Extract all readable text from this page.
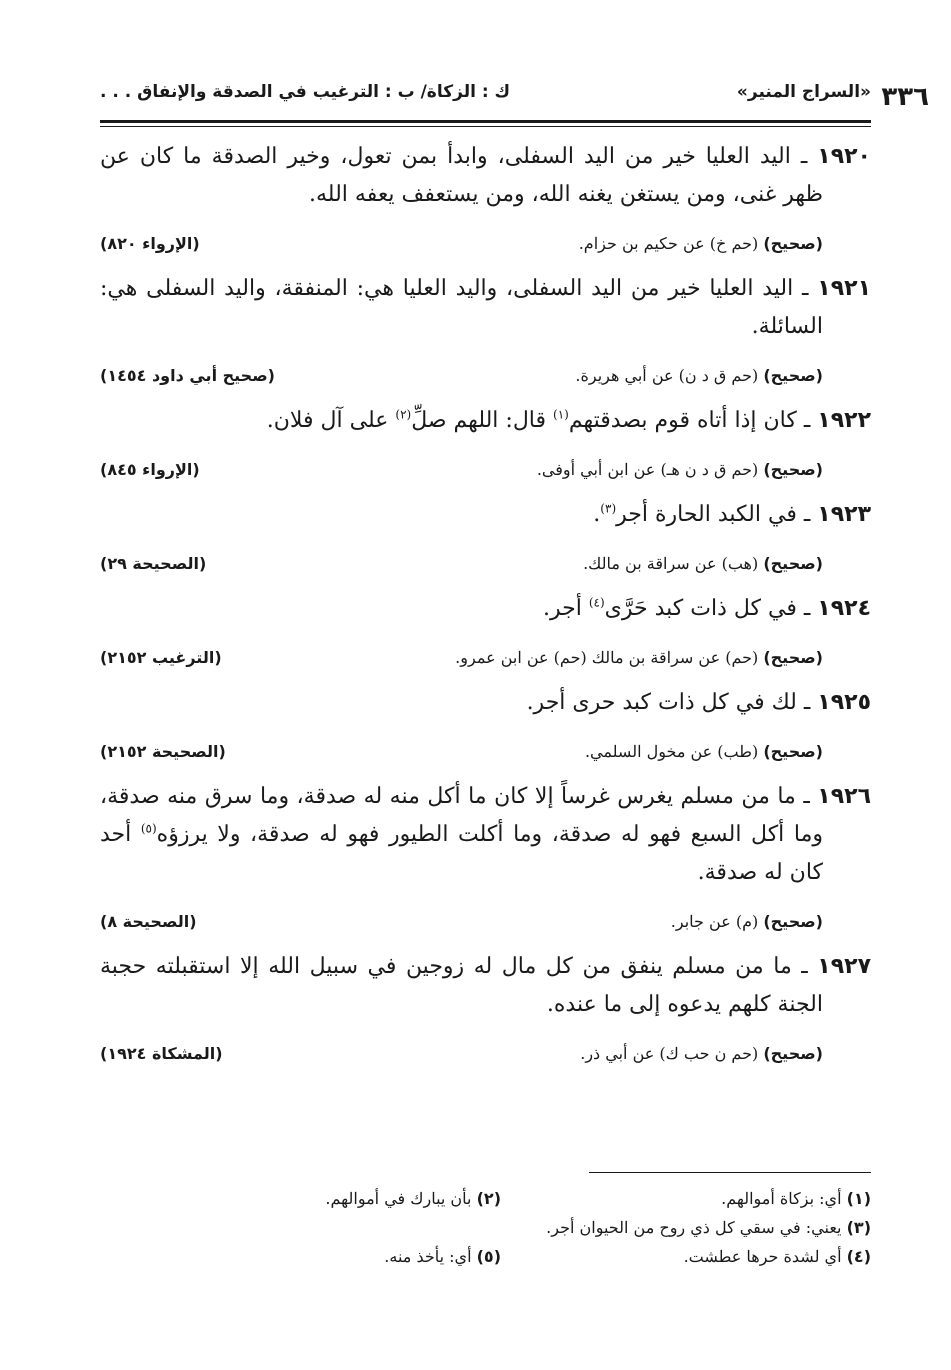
٣٣٦
«السراج المنير»
ك : الزكاة/ ب : الترغيب في الصدقة والإنفاق . . .

١٩٢٠ ـ اليد العليا خير من اليد السفلى، وابدأ بمن تعول، وخير الصدقة ما كان عن ظهر غنى، ومن يستغن يغنه الله، ومن يستعفف يعفه الله.

(صحيح) (حم خ) عن حكيم بن حزام.
(الإرواء ٨٢٠)

١٩٢١ ـ اليد العليا خير من اليد السفلى، واليد العليا هي: المنفقة، واليد السفلى هي: السائلة.

(صحيح) (حم ق د ن) عن أبي هريرة.
(صحيح أبي داود ١٤٥٤)

١٩٢٢ ـ كان إذا أتاه قوم بصدقتهم$^{(١)}$ قال: اللهم صلِّ$^{(٢)}$ على آل فلان.

(صحيح) (حم ق د ن هـ) عن ابن أبي أوفى.
(الإرواء ٨٤٥)

١٩٢٣ ـ في الكبد الحارة أجر$^{(٣)}$.

(صحيح) (هب) عن سراقة بن مالك.
(الصحيحة ٢٩)

١٩٢٤ ـ في كل ذات كبد حَرَّى$^{(٤)}$ أجر.

(صحيح) (حم) عن سراقة بن مالك (حم) عن ابن عمرو.
(الترغيب ٢١٥٢)

١٩٢٥ ـ لك في كل ذات كبد حرى أجر.

(صحيح) (طب) عن مخول السلمي.
(الصحيحة ٢١٥٢)

١٩٢٦ ـ ما من مسلم يغرس غرساً إلا كان ما أكل منه له صدقة، وما سرق منه صدقة، وما أكل السبع فهو له صدقة، وما أكلت الطيور فهو له صدقة، ولا يرزؤه$^{(٥)}$ أحد كان له صدقة.

(صحيح) (م) عن جابر.
(الصحيحة ٨)

١٩٢٧ ـ ما من مسلم ينفق من كل مال له زوجين في سبيل الله إلا استقبلته حجبة الجنة كلهم يدعوه إلى ما عنده.

(صحيح) (حم ن حب ك) عن أبي ذر.
(المشكاة ١٩٢٤)
(١) أي: بزكاة أموالهم.
(٢) بأن يبارك في أموالهم.
(٣) يعني: في سقي كل ذي روح من الحيوان أجر.
(٤) أي لشدة حرها عطشت.
(٥) أي: يأخذ منه.
